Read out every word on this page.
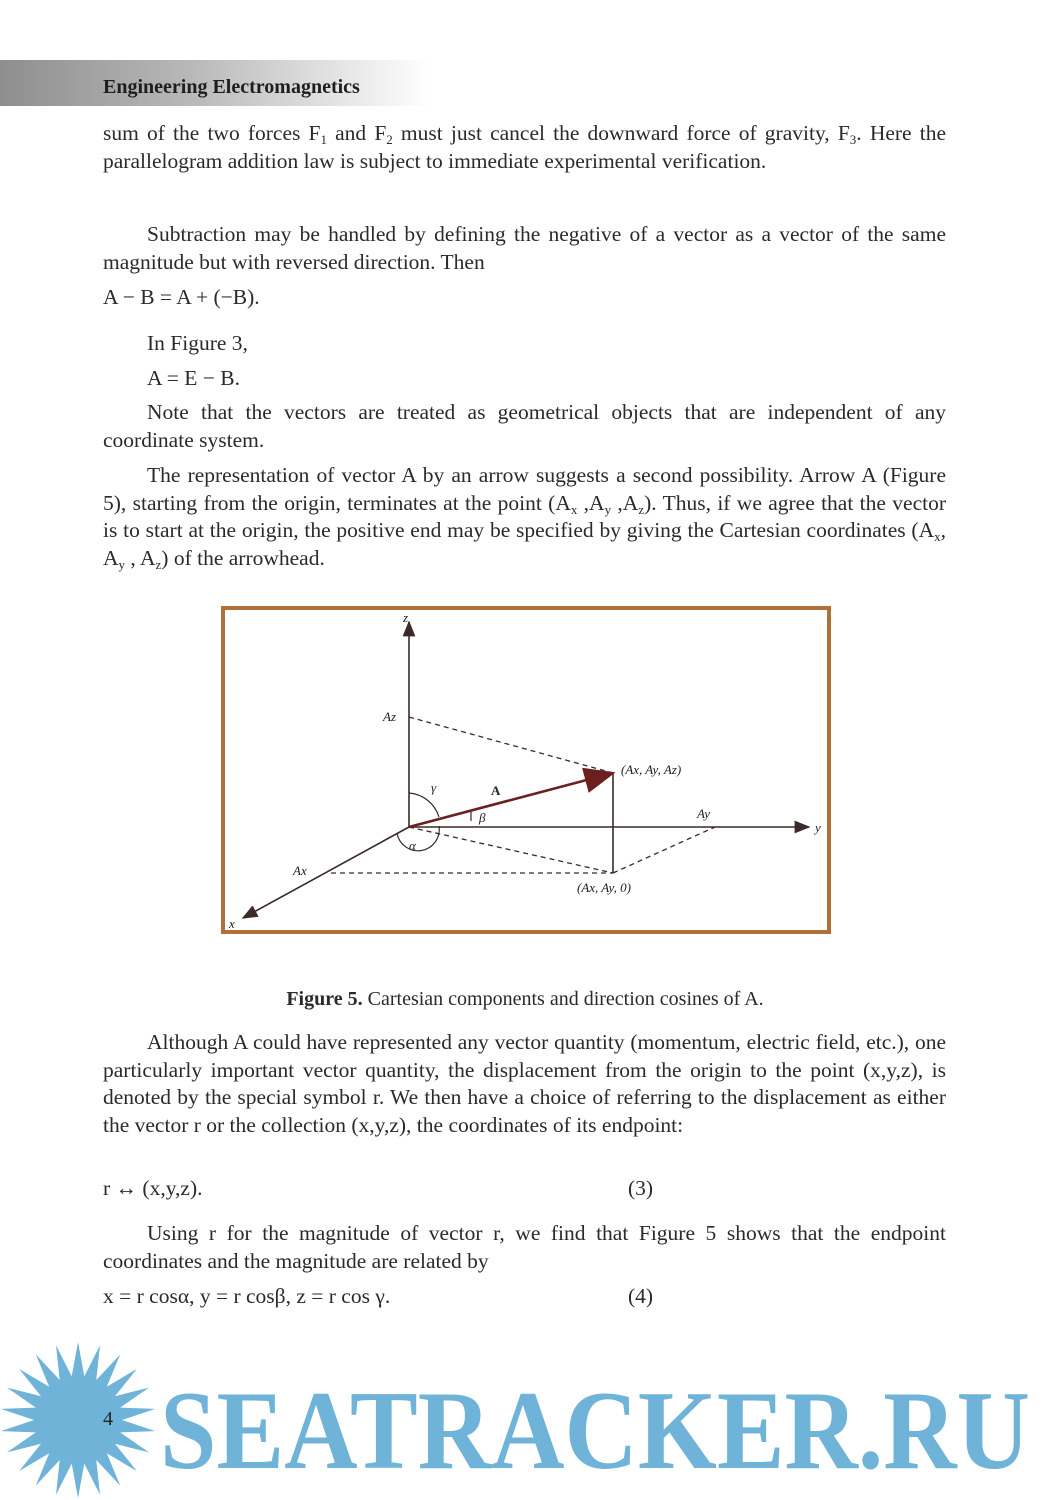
Engineering Electromagnetics

sum of the two forces $F_1$ and $F_2$ must just cancel the downward force of gravity, $F_3$. Here the parallelogram addition law is subject to immediate experimental verification.

Subtraction may be handled by defining the negative of a vector as a vector of the same magnitude but with reversed direction. Then

A − B = A + (−B).
In Figure 3,
A = E − B.

Note that the vectors are treated as geometrical objects that are independent of any coordinate system.

The representation of vector A by an arrow suggests a second possibility. Arrow A (Figure 5), starting from the origin, terminates at the point ($A_x$ $,A_y$ $,A_z$). Thus, if we agree that the vector is to start at the origin, the positive end may be specified by giving the Cartesian coordinates ($A_x$, $A_y$ , $A_z$) of the arrowhead.

z
y
x
Az
Ay
Ax
A
γ
β
α
(Ax, Ay, Az)
(Ax, Ay, 0)
Figure 5. Cartesian components and direction cosines of A.

Although A could have represented any vector quantity (momentum, electric field, etc.), one particularly important vector quantity, the displacement from the origin to the point (x,y,z), is denoted by the special symbol r. We then have a choice of referring to the displacement as either the vector r or the collection (x,y,z), the coordinates of its endpoint:

r ↔ (x,y,z).	(3)

Using r for the magnitude of vector r, we find that Figure 5 shows that the endpoint coordinates and the magnitude are related by

x = r cosα, y = r cosβ, z = r cos γ.	(4)
SEATRACKER.RU
4
